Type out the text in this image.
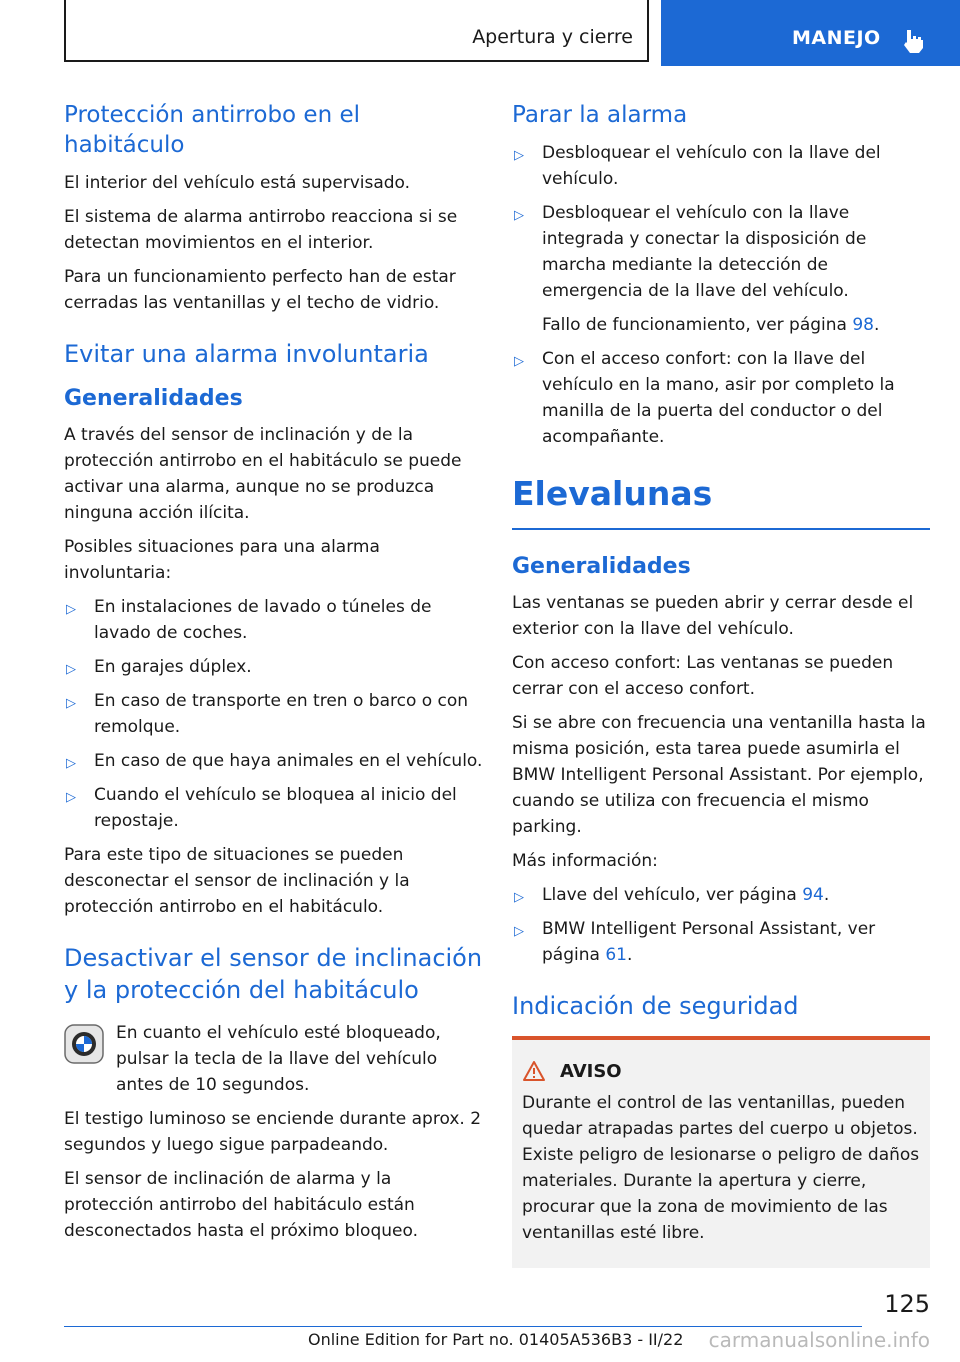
Apertura y cierre	MANEJO
Protección antirrobo en el habitáculo

El interior del vehículo está supervisado.

El sistema de alarma antirrobo reacciona si se detectan movimientos en el interior.

Para un funcionamiento perfecto han de estar cerradas las ventanillas y el techo de vidrio.

Evitar una alarma involuntaria
Generalidades

A través del sensor de inclinación y de la protección antirrobo en el habitáculo se puede activar una alarma, aunque no se produzca ninguna acción ilícita.

Posibles situaciones para una alarma involuntaria:

▷ En instalaciones de lavado o túneles de lavado de coches.
▷ En garajes dúplex.
▷ En caso de transporte en tren o barco o con remolque.
▷ En caso de que haya animales en el vehículo.
▷ Cuando el vehículo se bloquea al inicio del repostaje.

Para este tipo de situaciones se pueden desconectar el sensor de inclinación y la protección antirrobo en el habitáculo.

Desactivar el sensor de inclinación y la protección del habitáculo

En cuanto el vehículo esté bloqueado, pulsar la tecla de la llave del vehículo antes de 10 segundos.

El testigo luminoso se enciende durante aprox. 2 segundos y luego sigue parpadeando.

El sensor de inclinación de alarma y la protección antirrobo del habitáculo están desconectados hasta el próximo bloqueo.

Parar la alarma
▷ Desbloquear el vehículo con la llave del vehículo.
▷ Desbloquear el vehículo con la llave integrada y conectar la disposición de marcha mediante la detección de emergencia de la llave del vehículo.
Fallo de funcionamiento, ver página 98.
▷ Con el acceso confort: con la llave del vehículo en la mano, asir por completo la manilla de la puerta del conductor o del acompañante.
Elevalunas
Generalidades

Las ventanas se pueden abrir y cerrar desde el exterior con la llave del vehículo.

Con acceso confort: Las ventanas se pueden cerrar con el acceso confort.

Si se abre con frecuencia una ventanilla hasta la misma posición, esta tarea puede asumirla el BMW Intelligent Personal Assistant. Por ejemplo, cuando se utiliza con frecuencia el mismo parking.

Más información:

▷ Llave del vehículo, ver página 94.
▷ BMW Intelligent Personal Assistant, ver página 61.
Indicación de seguridad
AVISO

Durante el control de las ventanillas, pueden quedar atrapadas partes del cuerpo u objetos. Existe peligro de lesionarse o peligro de daños materiales. Durante la apertura y cierre, procurar que la zona de movimiento de las ventanillas esté libre.

125
Online Edition for Part no. 01405A536B3 - II/22 carmanualsonline.info
